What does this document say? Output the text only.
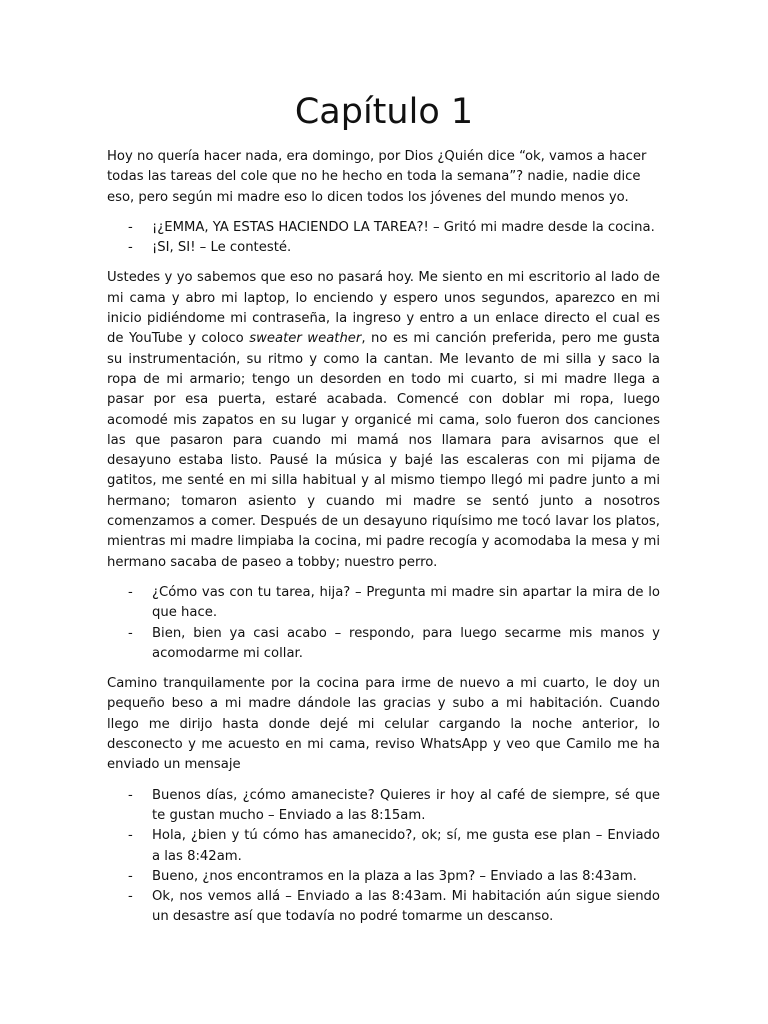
Capítulo 1

Hoy no quería hacer nada, era domingo, por Dios ¿Quién dice “ok, vamos a hacer todas las tareas del cole que no he hecho en toda la semana”? nadie, nadie dice eso, pero según mi madre eso lo dicen todos los jóvenes del mundo menos yo.

- ¡¿EMMA, YA ESTAS HACIENDO LA TAREA?! – Gritó mi madre desde la cocina.
- ¡SI, SI! – Le contesté.

Ustedes y yo sabemos que eso no pasará hoy. Me siento en mi escritorio al lado de mi cama y abro mi laptop, lo enciendo y espero unos segundos, aparezco en mi inicio pidiéndome mi contraseña, la ingreso y entro a un enlace directo el cual es de YouTube y coloco sweater weather, no es mi canción preferida, pero me gusta su instrumentación, su ritmo y como la cantan. Me levanto de mi silla y saco la ropa de mi armario; tengo un desorden en todo mi cuarto, si mi madre llega a pasar por esa puerta, estaré acabada. Comencé con doblar mi ropa, luego acomodé mis zapatos en su lugar y organicé mi cama, solo fueron dos canciones las que pasaron para cuando mi mamá nos llamara para avisarnos que el desayuno estaba listo. Pausé la música y bajé las escaleras con mi pijama de gatitos, me senté en mi silla habitual y al mismo tiempo llegó mi padre junto a mi hermano; tomaron asiento y cuando mi madre se sentó junto a nosotros comenzamos a comer. Después de un desayuno riquísimo me tocó lavar los platos, mientras mi madre limpiaba la cocina, mi padre recogía y acomodaba la mesa y mi hermano sacaba de paseo a tobby; nuestro perro.

- ¿Cómo vas con tu tarea, hija? – Pregunta mi madre sin apartar la mira de lo que hace.
- Bien, bien ya casi acabo – respondo, para luego secarme mis manos y acomodarme mi collar.

Camino tranquilamente por la cocina para irme de nuevo a mi cuarto, le doy un pequeño beso a mi madre dándole las gracias y subo a mi habitación. Cuando llego me dirijo hasta donde dejé mi celular cargando la noche anterior, lo desconecto y me acuesto en mi cama, reviso WhatsApp y veo que Camilo me ha enviado un mensaje

- Buenos días, ¿cómo amaneciste? Quieres ir hoy al café de siempre, sé que te gustan mucho – Enviado a las 8:15am.
- Hola, ¿bien y tú cómo has amanecido?, ok; sí, me gusta ese plan – Enviado a las 8:42am.
- Bueno, ¿nos encontramos en la plaza a las 3pm? – Enviado a las 8:43am.
- Ok, nos vemos allá – Enviado a las 8:43am. Mi habitación aún sigue siendo un desastre así que todavía no podré tomarme un descanso.
